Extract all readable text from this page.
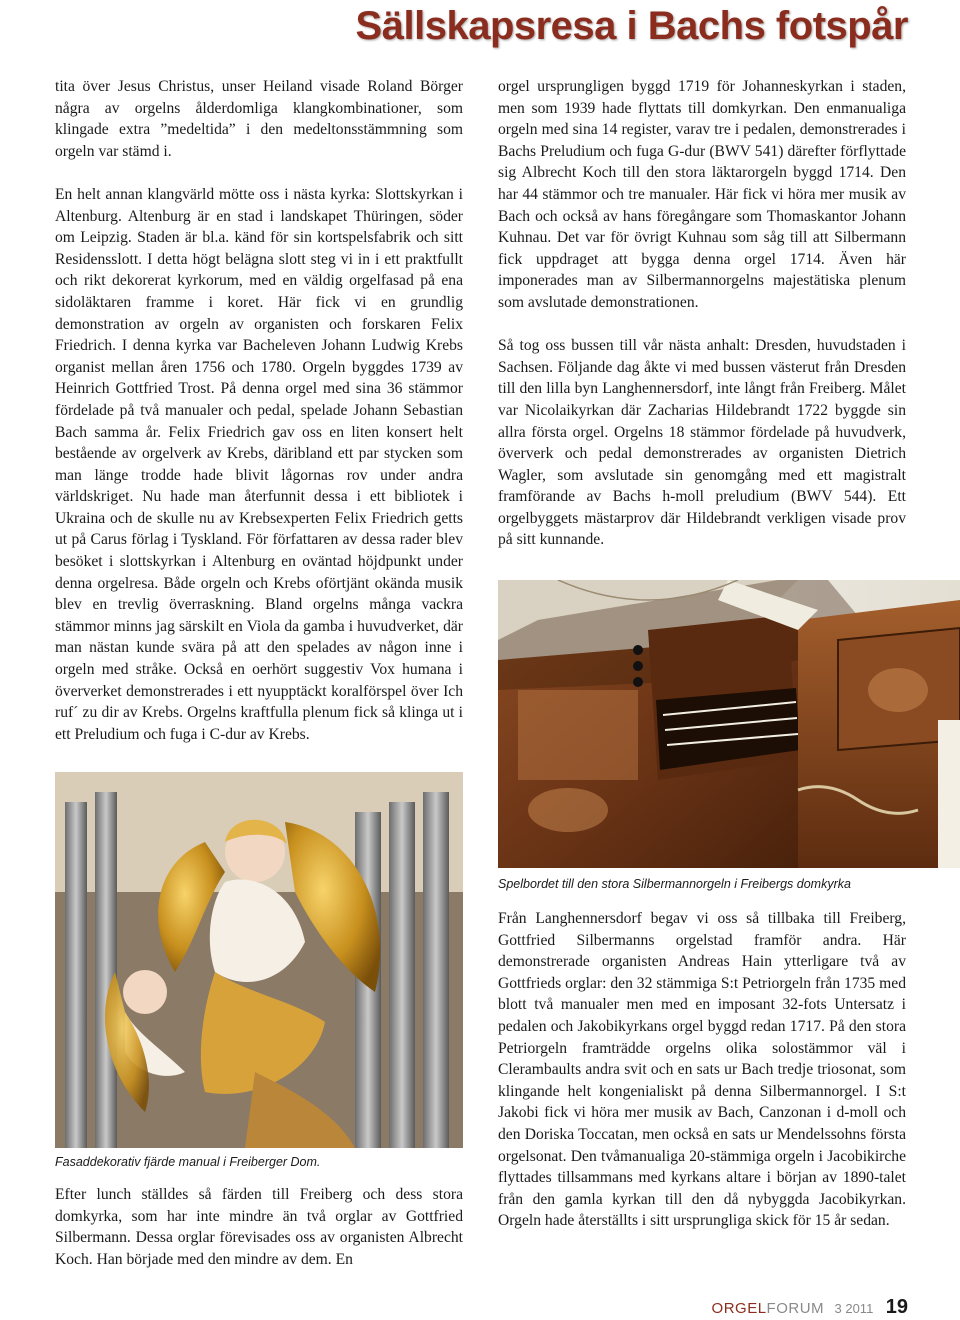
Sällskapsresa i Bachs fotspår

tita över Jesus Christus, unser Heiland visade Roland Börger några av orgelns ålderdomliga klangkombinationer, som klingade extra ”medeltida” i den medeltonsstämmning som orgeln var stämd i.

En helt annan klangvärld mötte oss i nästa kyrka: Slottskyrkan i Altenburg. Altenburg är en stad i landskapet Thüringen, söder om Leipzig. Staden är bl.a. känd för sin kortspelsfabrik och sitt Residensslott. I detta högt belägna slott steg vi in i ett praktfullt och rikt dekorerat kyrkorum, med en väldig orgelfasad på ena sidoläktaren framme i koret. Här fick vi en grundlig demonstration av orgeln av organisten och forskaren Felix Friedrich. I denna kyrka var Bacheleven Johann Ludwig Krebs organist mellan åren 1756 och 1780. Orgeln byggdes 1739 av Heinrich Gottfried Trost. På denna orgel med sina 36 stämmor fördelade på två manualer och pedal, spelade Johann Sebastian Bach samma år. Felix Friedrich gav oss en liten konsert helt bestående av orgelverk av Krebs, däribland ett par stycken som man länge trodde hade blivit lågornas rov under andra världskriget. Nu hade man återfunnit dessa i ett bibliotek i Ukraina och de skulle nu av Krebsexperten Felix Friedrich getts ut på Carus förlag i Tyskland. För författaren av dessa rader blev besöket i slottskyrkan i Altenburg en oväntad höjdpunkt under denna orgelresa. Både orgeln och Krebs oförtjänt okända musik blev en trevlig överraskning. Bland orgelns många vackra stämmor minns jag särskilt en Viola da gamba i huvudverket, där man nästan kunde svära på att den spelades av någon inne i orgeln med stråke. Också en oerhört suggestiv Vox humana i öververket demonstrerades i ett nyupptäckt koralförspel över Ich ruf´ zu dir av Krebs. Orgelns kraftfulla plenum fick så klinga ut i ett Preludium och fuga i C-dur av Krebs.

orgel ursprungligen byggd 1719 för Johanneskyrkan i staden, men som 1939 hade flyttats till domkyrkan. Den enmanualiga orgeln med sina 14 register, varav tre i pedalen, demonstrerades i Bachs Preludium och fuga G-dur (BWV 541) därefter förflyttade sig Albrecht Koch till den stora läktarorgeln byggd 1714. Den har 44 stämmor och tre manualer. Här fick vi höra mer musik av Bach och också av hans föregångare som Thomaskantor Johann Kuhnau. Det var för övrigt Kuhnau som såg till att Silbermann fick uppdraget att bygga denna orgel 1714. Även här imponerades man av Silbermannorgelns majestätiska plenum som avslutade demonstrationen.

Så tog oss bussen till vår nästa anhalt: Dresden, huvudstaden i Sachsen. Följande dag åkte vi med bussen västerut från Dresden till den lilla byn Langhennersdorf, inte långt från Freiberg. Målet var Nicolaikyrkan där Zacharias Hildebrandt 1722 byggde sin allra första orgel. Orgelns 18 stämmor fördelade på huvudverk, öververk och pedal demonstrerades av organisten Dietrich Wagler, som avslutade sin genomgång med ett magistralt framförande av Bachs h-moll preludium (BWV 544). Ett orgelbyggets mästarprov där Hildebrandt verkligen visade prov på sitt kunnande.

Spelbordet till den stora Silbermannorgeln i Freibergs domkyrka
Fasaddekorativ fjärde manual i Freiberger Dom.

Från Langhennersdorf begav vi oss så tillbaka till Freiberg, Gottfried Silbermanns orgelstad framför andra. Här demonstrerade organisten Andreas Hain ytterligare två av Gottfrieds orglar: den 32 stämmiga S:t Petriorgeln från 1735 med blott två manualer men med en imposant 32-fots Untersatz i pedalen och Jakobikyrkans orgel byggd redan 1717. På den stora Petriorgeln framträdde orgelns olika solostämmor väl i Clerambaults andra svit och en sats ur Bach tredje triosonat, som klingande helt kongenialiskt på denna Silbermannorgel. I S:t Jakobi fick vi höra mer musik av Bach, Canzonan i d-moll och den Doriska Toccatan, men också en sats ur Mendelssohns första orgelsonat. Den tvåmanualiga 20-stämmiga orgeln i Jacobikirche flyttades tillsammans med kyrkans altare i början av 1890-talet från den gamla kyrkan till den då nybyggda Jacobikyrkan. Orgeln hade återställts i sitt ursprungliga skick för 15 år sedan.

Efter lunch ställdes så färden till Freiberg och dess stora domkyrka, som har inte mindre än två orglar av Gottfried Silbermann. Dessa orglar förevisades oss av organisten Albrecht Koch. Han började med den mindre av dem. En

ORGELFORUM 3 2011 19
